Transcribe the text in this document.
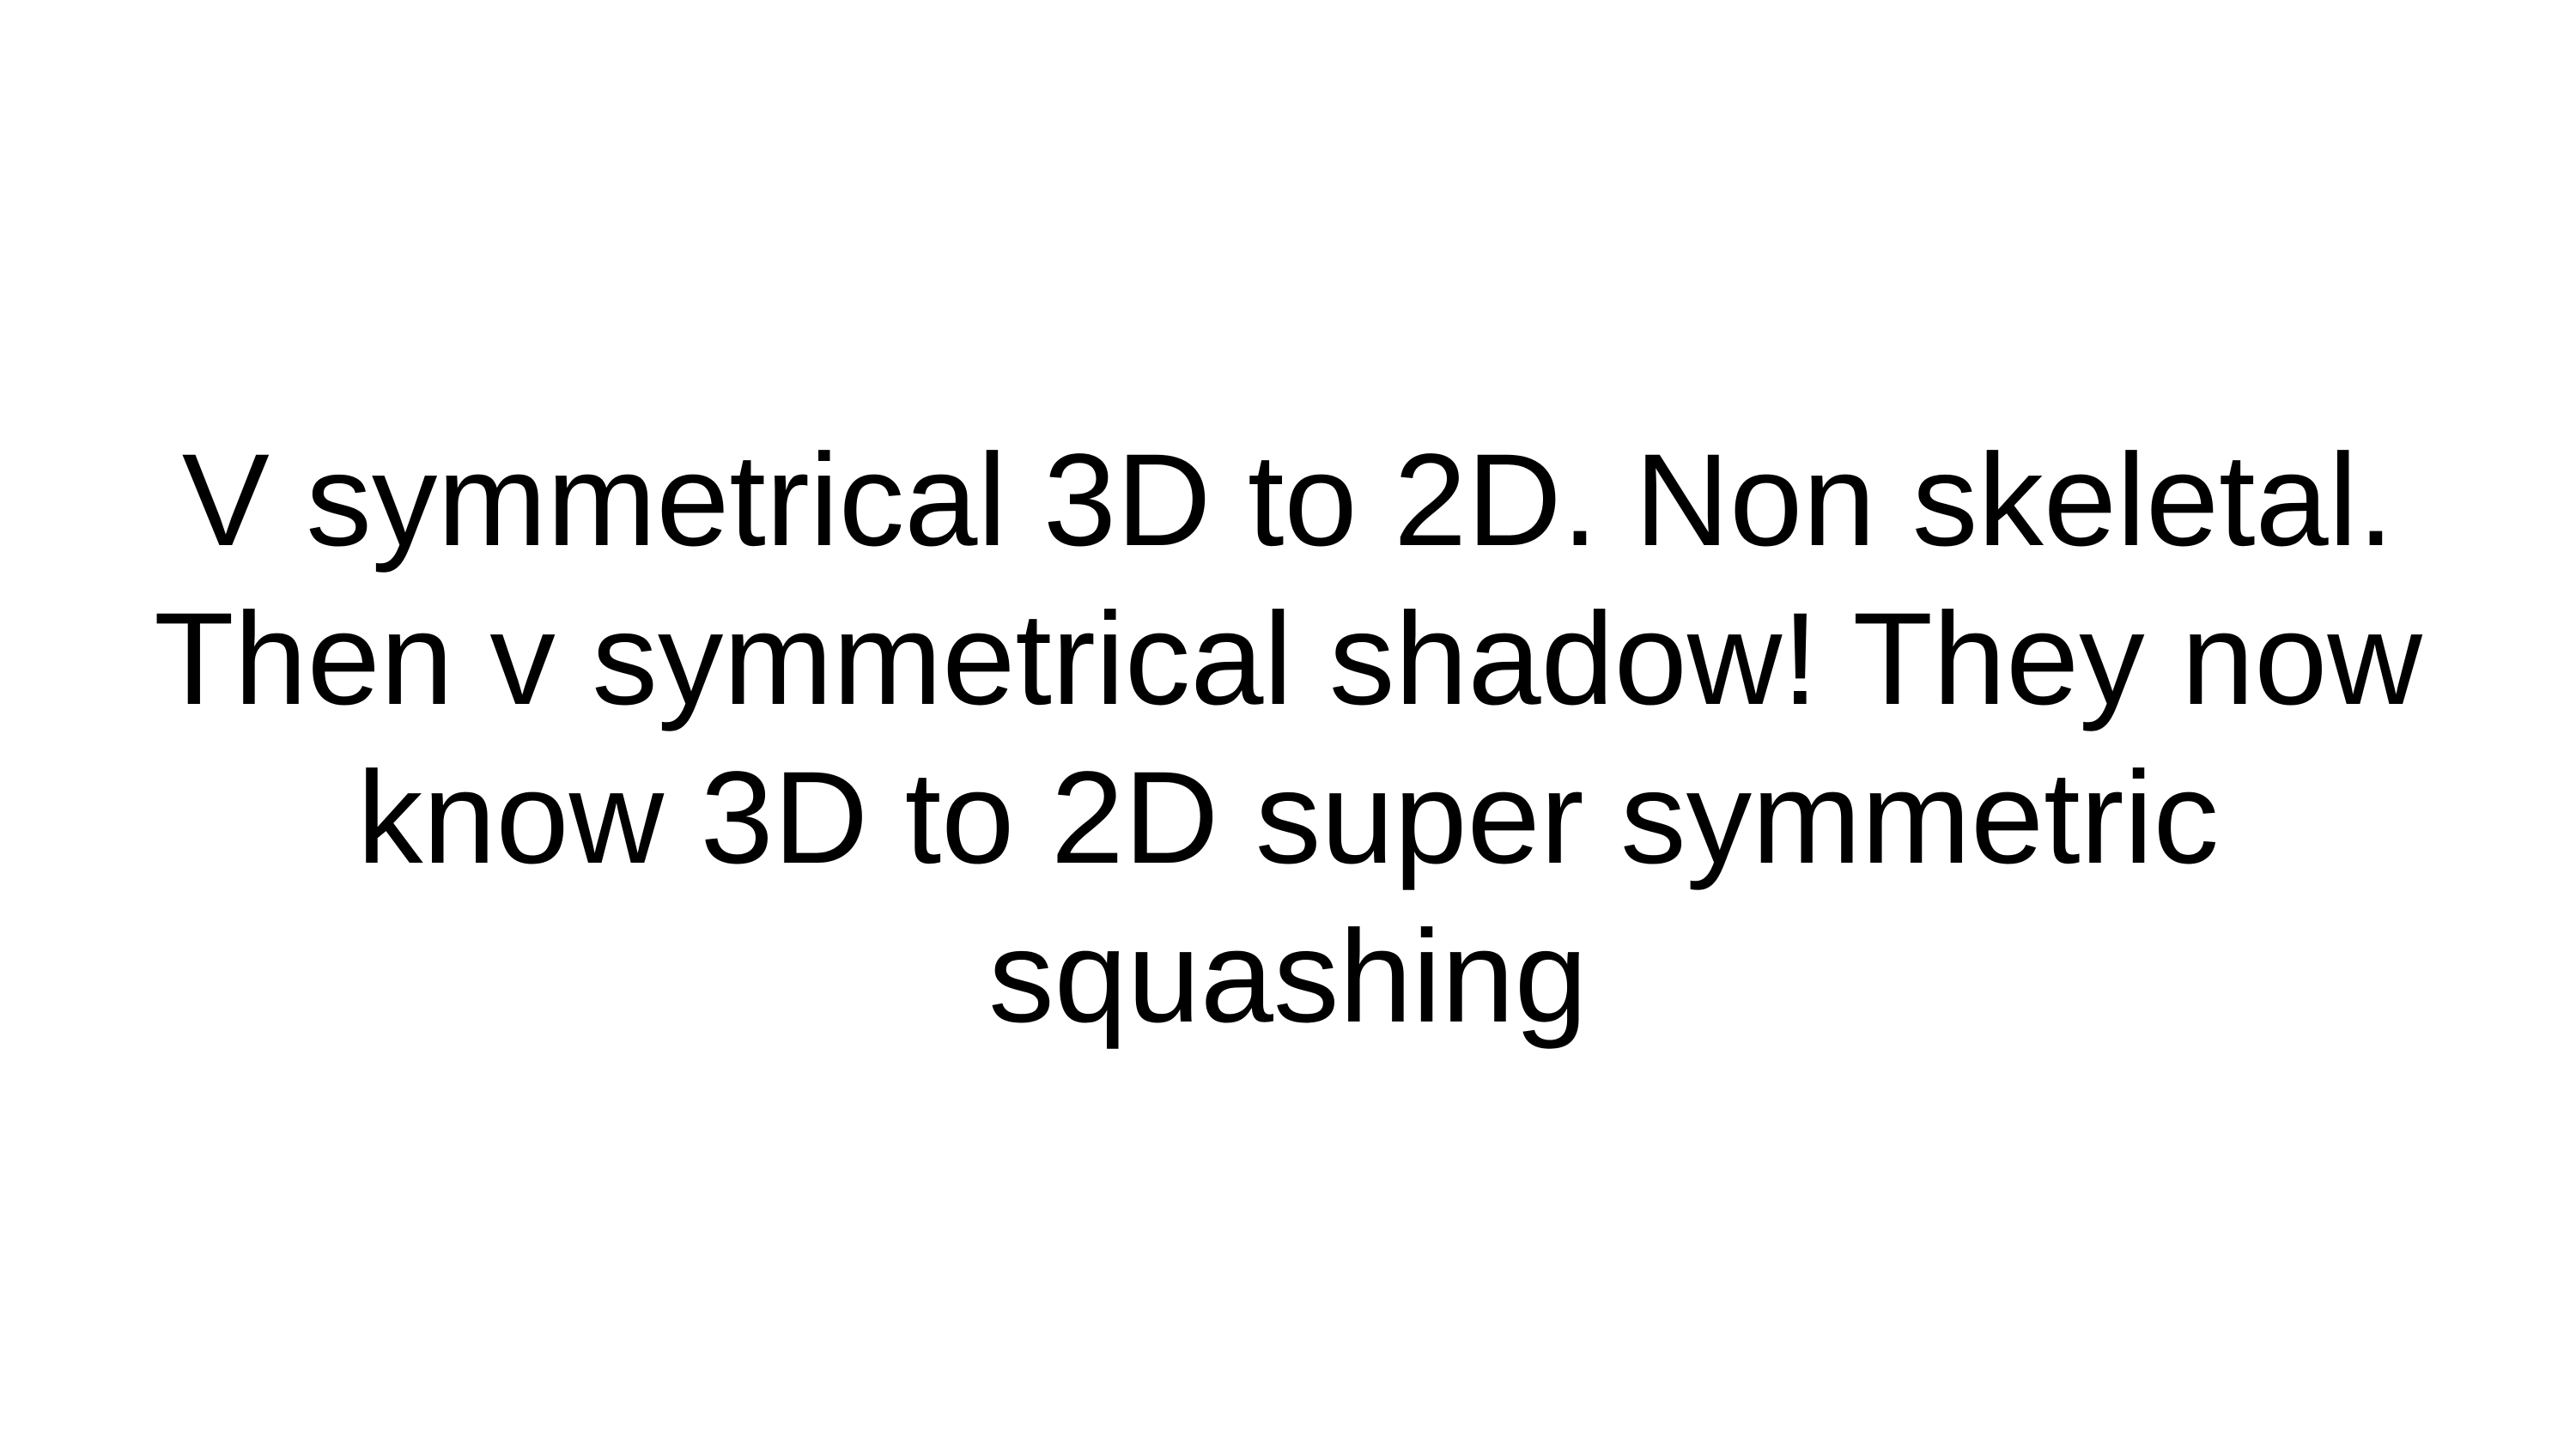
V symmetrical 3D to 2D. Non skeletal.
Then v symmetrical shadow! They now
know 3D to 2D super symmetric
squashing
